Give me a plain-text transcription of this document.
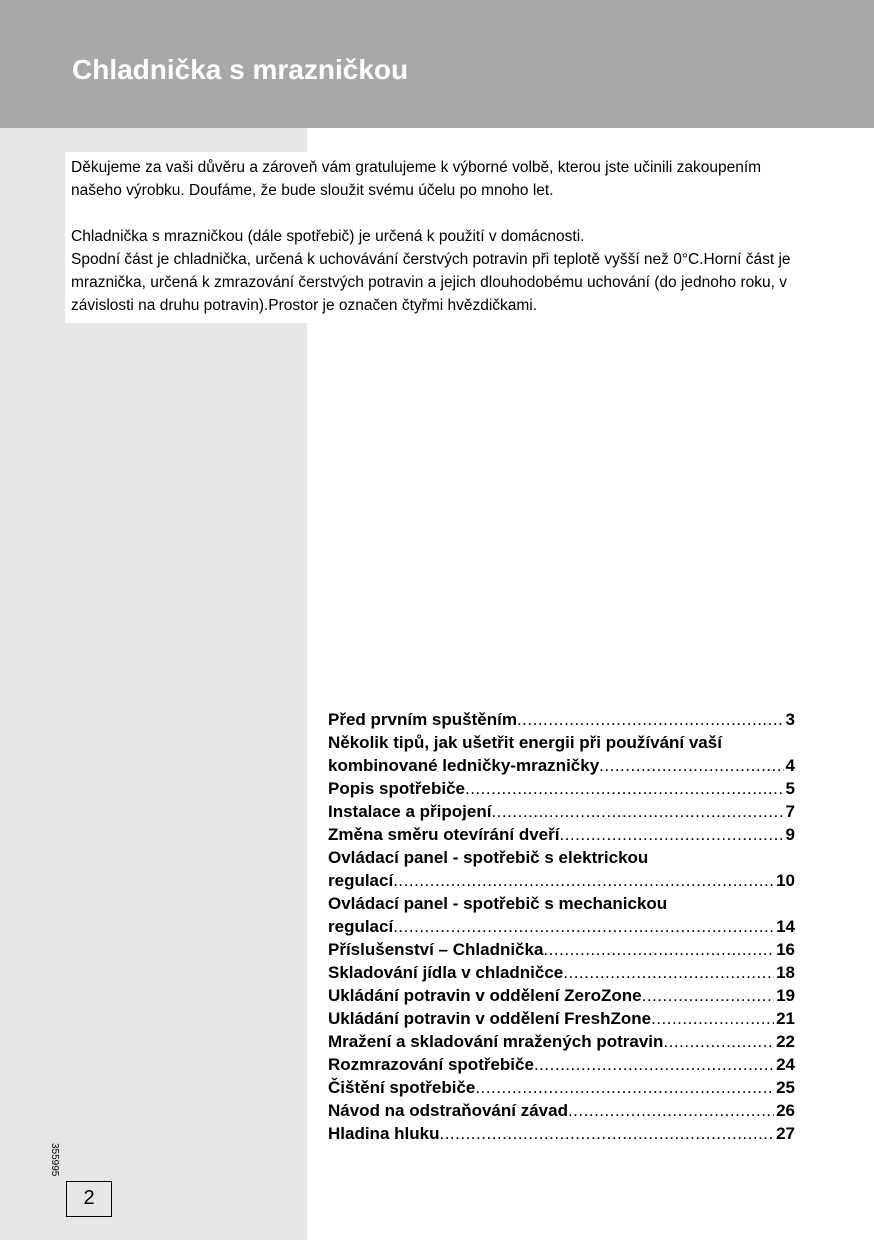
Chladnička s mrazničkou

Děkujeme za vaši důvěru a zároveň vám gratulujeme k výborné volbě, kterou jste učinili zakoupením našeho výrobku. Doufáme, že bude sloužit svému účelu po mnoho let.

Chladnička s mrazničkou (dále spotřebič) je určená k použití v domácnosti.

Spodní část je chladnička, určená k uchovávání čerstvých potravin při teplotě vyšší než 0°C.Horní část je mraznička, určená k zmrazování čerstvých potravin a jejich dlouhodobému uchování (do jednoho roku, v závislosti na druhu potravin).Prostor je označen čtyřmi hvězdičkami.

Před prvním spuštěním .....	3
Několik tipů, jak ušetřit energii při používání vaší
kombinované ledničky-mrazničky .....	4
Popis spotřebiče .....	5
Instalace a připojení .....	7
Změna směru otevírání dveří .....	9
Ovládací panel - spotřebič s elektrickou
regulací .....	10
Ovládací panel - spotřebič s mechanickou
regulací .....	14
Příslušenství – Chladnička .....	16
Skladování jídla v chladničce .....	18
Ukládání potravin v oddělení ZeroZone .....	19
Ukládání potravin v oddělení FreshZone .....	21
Mražení a skladování mražených potravin .....	22
Rozmrazování spotřebiče .....	24
Čištění spotřebiče .....	25
Návod na odstraňování závad .....	26
Hladina hluku .....	27
355995
2
